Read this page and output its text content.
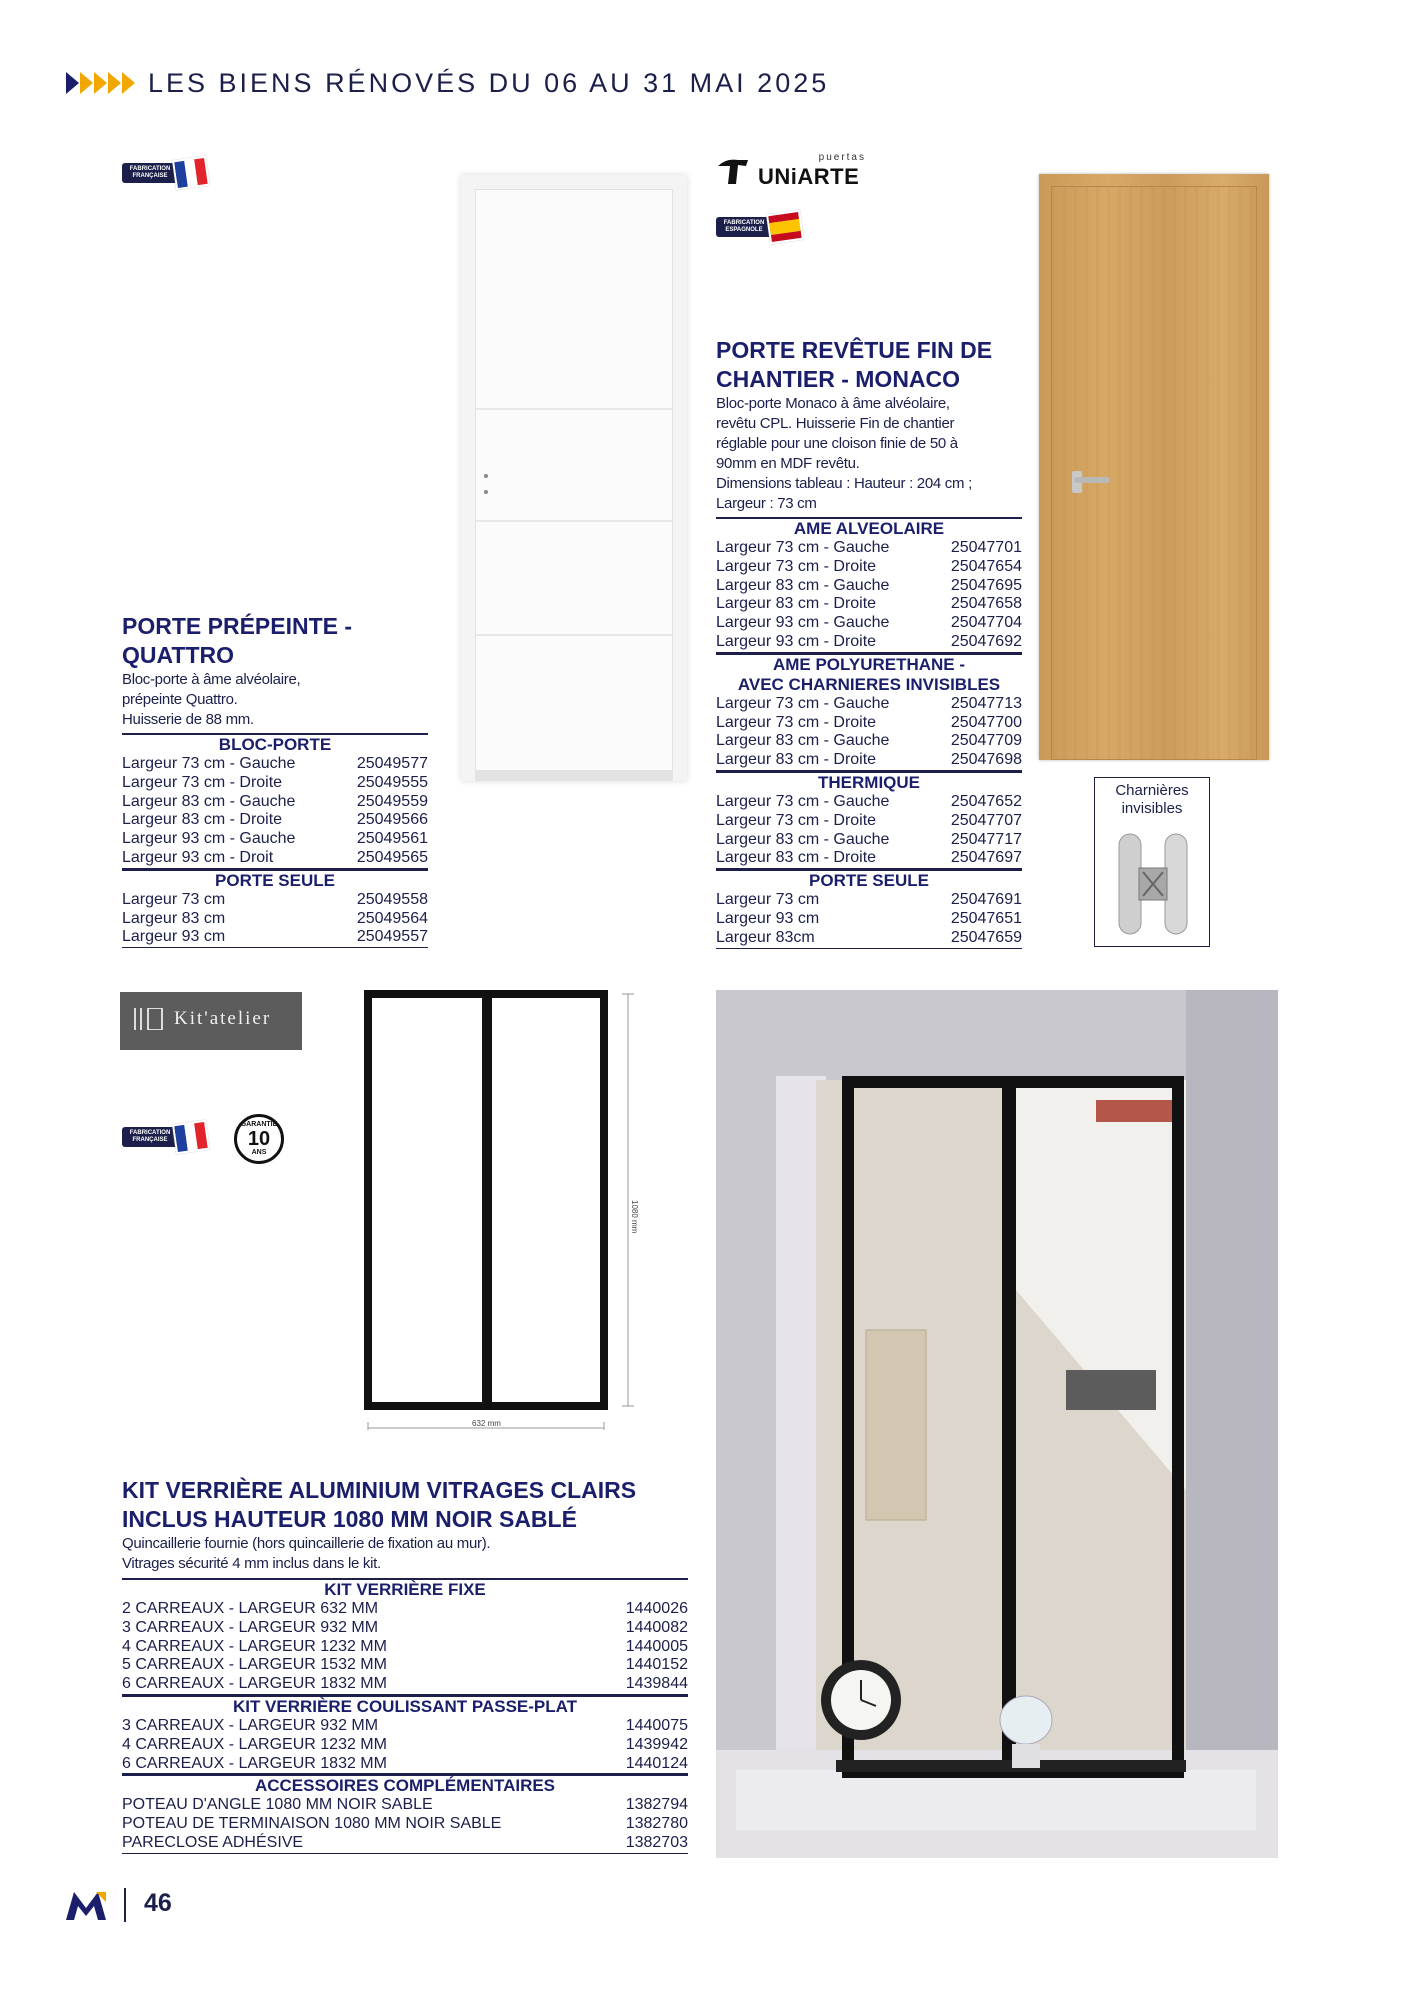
LES BIENS RÉNOVÉS DU 06 AU 31 MAI 2025
FABRICATION FRANÇAISE
puertas
UNiARTE
FABRICATION ESPAGNOLE
PORTE PRÉPEINTE -
QUATTRO
Bloc-porte à âme alvéolaire,
prépeinte Quattro.
Huisserie de 88 mm.
BLOC-PORTE
Largeur 73 cm - Gauche	25049577
Largeur 73 cm - Droite	25049555
Largeur 83 cm - Gauche	25049559
Largeur 83 cm - Droite	25049566
Largeur 93 cm - Gauche	25049561
Largeur 93 cm - Droit	25049565
PORTE SEULE
Largeur 73 cm	25049558
Largeur 83 cm	25049564
Largeur 93 cm	25049557
PORTE REVÊTUE FIN DE
CHANTIER - MONACO
Bloc-porte Monaco à âme alvéolaire,
revêtu CPL. Huisserie Fin de chantier
réglable pour une cloison finie de 50 à
90mm en MDF revêtu.
Dimensions tableau : Hauteur : 204 cm ;
Largeur : 73 cm
AME ALVEOLAIRE
Largeur 73 cm - Gauche	25047701
Largeur 73 cm - Droite	25047654
Largeur 83 cm - Gauche	25047695
Largeur 83 cm - Droite	25047658
Largeur 93 cm - Gauche	25047704
Largeur 93 cm - Droite	25047692
AME POLYURETHANE -
AVEC CHARNIERES INVISIBLES
Largeur 73 cm - Gauche	25047713
Largeur 73 cm - Droite	25047700
Largeur 83 cm - Gauche	25047709
Largeur 83 cm - Droite	25047698
THERMIQUE
Largeur 73 cm - Gauche	25047652
Largeur 73 cm - Droite	25047707
Largeur 83 cm - Gauche	25047717
Largeur 83 cm - Droite	25047697
PORTE SEULE
Largeur 73 cm	25047691
Largeur 93 cm	25047651
Largeur 83cm	25047659
Charnières
invisibles
Kit'atelier
FABRICATION FRANÇAISE
GARANTIE
10
ANS
1080 mm
632 mm
KIT VERRIÈRE ALUMINIUM VITRAGES CLAIRS
INCLUS HAUTEUR 1080 MM NOIR SABLÉ
Quincaillerie fournie (hors quincaillerie de fixation au mur).
Vitrages sécurité 4 mm inclus dans le kit.
KIT VERRIÈRE FIXE
2 CARREAUX - LARGEUR 632 MM	1440026
3 CARREAUX - LARGEUR 932 MM	1440082
4 CARREAUX - LARGEUR 1232 MM	1440005
5 CARREAUX - LARGEUR 1532 MM	1440152
6 CARREAUX - LARGEUR 1832 MM	1439844
KIT VERRIÈRE COULISSANT PASSE-PLAT
3 CARREAUX - LARGEUR 932 MM	1440075
4 CARREAUX - LARGEUR 1232 MM	1439942
6 CARREAUX - LARGEUR 1832 MM	1440124
ACCESSOIRES COMPLÉMENTAIRES
POTEAU D'ANGLE 1080 MM NOIR SABLE	1382794
POTEAU DE TERMINAISON 1080 MM NOIR SABLE	1382780
PARECLOSE ADHÉSIVE	1382703
46
